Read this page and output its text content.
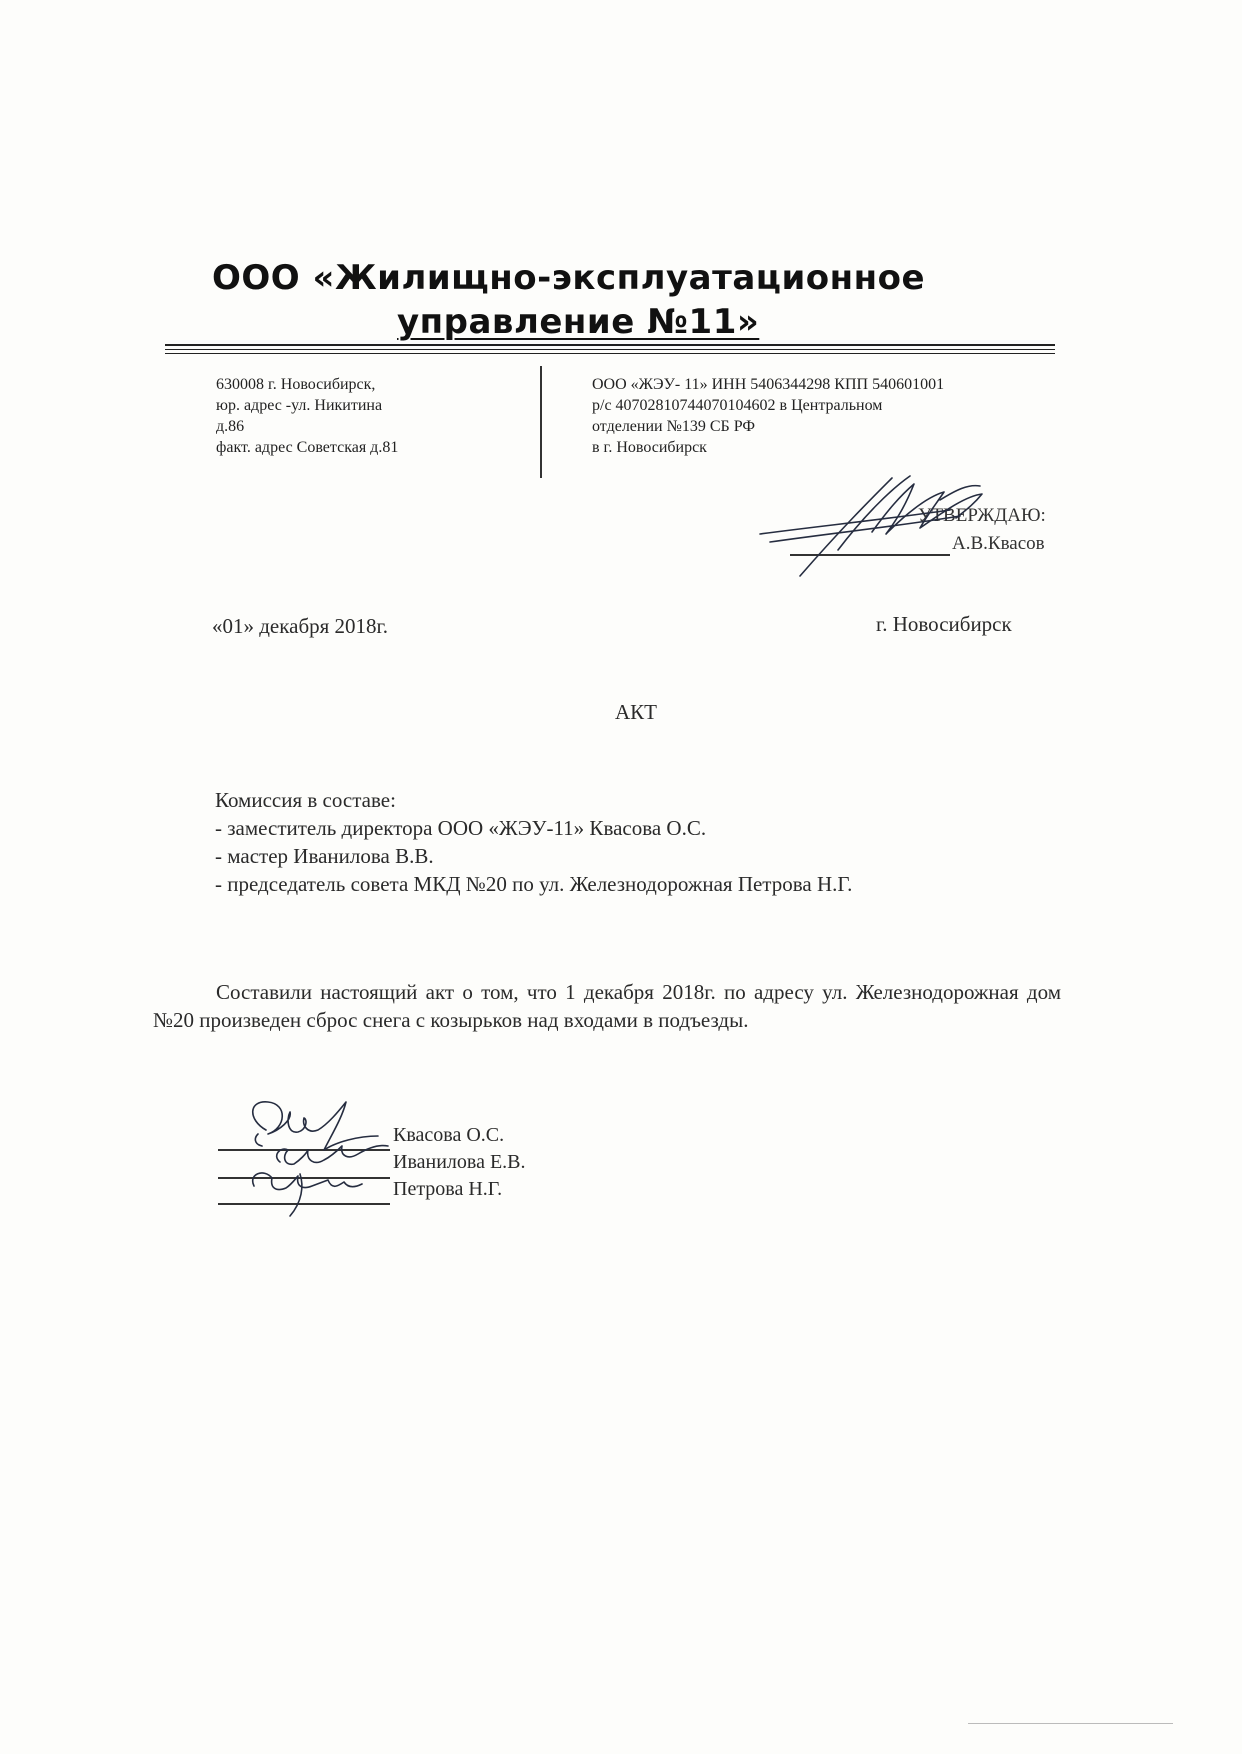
ООО «Жилищно-эксплуатационное
управление №11»
630008 г. Новосибирск,
юр. адрес -ул. Никитина
д.86
факт. адрес Советская д.81
ООО «ЖЭУ- 11» ИНН 5406344298 КПП 540601001
р/с 40702810744070104602 в Центральном
отделении №139 СБ РФ
в г. Новосибирск
УТВЕРЖДАЮ:
А.В.Квасов
«01» декабря 2018г.	г. Новосибирск
АКТ
Комиссия в составе:
- заместитель директора ООО «ЖЭУ-11» Квасова О.С.
- мастер Иванилова В.В.
- председатель совета МКД №20 по ул. Железнодорожная Петрова Н.Г.
Составили настоящий акт о том, что 1 декабря 2018г. по адресу ул. Железнодорожная дом №20 произведен сброс снега с козырьков над входами в подъезды.
Квасова О.С.
Иванилова Е.В.
Петрова Н.Г.
